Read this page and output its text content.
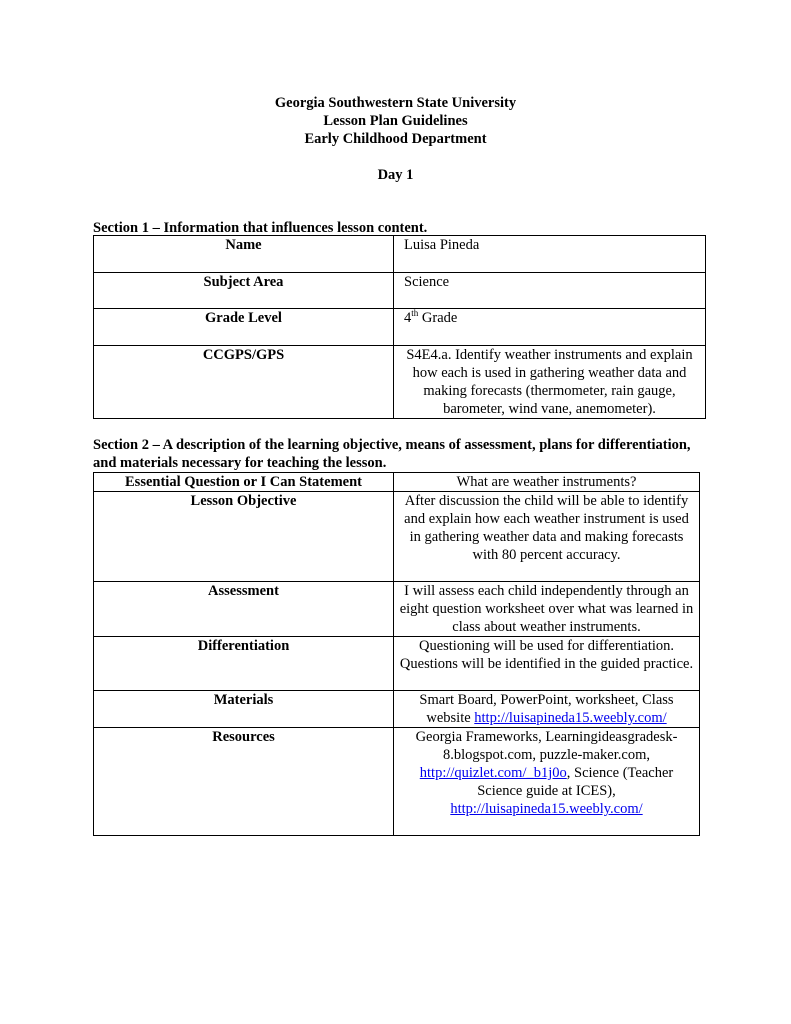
Georgia Southwestern State University
Lesson Plan Guidelines
Early Childhood Department
Day 1
Section 1 – Information that influences lesson content.
Name	Luisa Pineda
Subject Area	Science
Grade Level	4th Grade
CCGPS/GPS	S4E4.a. Identify weather instruments and explain how each is used in gathering weather data and making forecasts (thermometer, rain gauge, barometer, wind vane, anemometer).
Section 2 – A description of the learning objective, means of assessment, plans for differentiation, and materials necessary for teaching the lesson.
Essential Question or I Can Statement	What are weather instruments?
Lesson Objective	After discussion the child will be able to identify and explain how each weather instrument is used in gathering weather data and making forecasts with 80 percent accuracy.
Assessment	I will assess each child independently through an eight question worksheet over what was learned in class about weather instruments.
Differentiation	Questioning will be used for differentiation. Questions will be identified in the guided practice.
Materials	Smart Board, PowerPoint, worksheet, Class website http://luisapineda15.weebly.com/
Resources	Georgia Frameworks, Learningideasgradesk-8.blogspot.com, puzzle-maker.com, http://quizlet.com/_b1j0o, Science (Teacher Science guide at ICES), http://luisapineda15.weebly.com/
